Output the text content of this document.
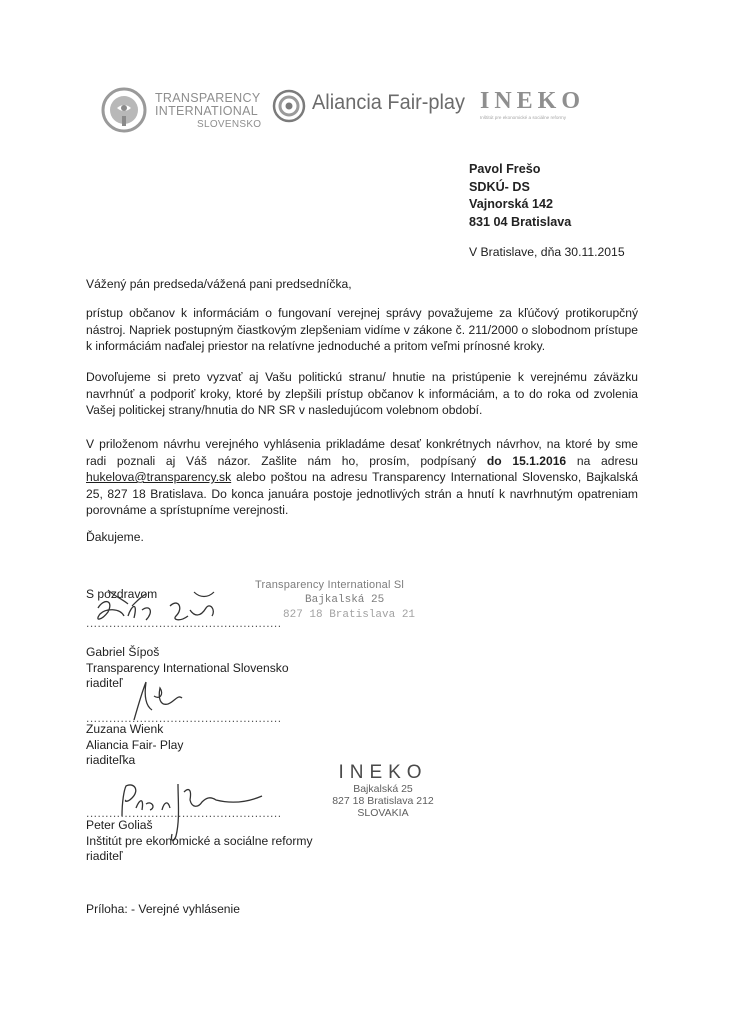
TRANSPARENCY
INTERNATIONAL
SLOVENSKO
Aliancia Fair-play INEKO
Inštitút pre ekonomické a sociálne reformy
Pavol Frešo
SDKÚ- DS
Vajnorská 142
831 04 Bratislava
V Bratislave, dňa 30.11.2015
Vážený pán predseda/vážená pani predsedníčka,
prístup občanov k informáciám o fungovaní verejnej správy považujeme za kľúčový protikorupčný nástroj. Napriek postupným čiastkovým zlepšeniam vidíme v zákone č. 211/2000 o slobodnom prístupe k informáciám naďalej priestor na relatívne jednoduché a pritom veľmi prínosné kroky.
Dovoľujeme si preto vyzvať aj Vašu politickú stranu/ hnutie na pristúpenie k verejnému záväzku navrhnúť a podporiť kroky, ktoré by zlepšili prístup občanov k informáciám, a to do roka od zvolenia Vašej politickej strany/hnutia do NR SR v nasledujúcom volebnom období.
V priloženom návrhu verejného vyhlásenia prikladáme desať konkrétnych návrhov, na ktoré by sme radi poznali aj Váš názor. Zašlite nám ho, prosím, podpísaný do 15.1.2016 na adresu hukelova@transparency.sk alebo poštou na adresu Transparency International Slovensko, Bajkalská 25, 827 18 Bratislava. Do konca januára postoje jednotlivých strán a hnutí k navrhnutým opatreniam porovnáme a sprístupníme verejnosti.
Ďakujeme.
S pozdravom
...................................................
Transparency International Sl
Bajkalská 25
827 18 Bratislava 21
Gabriel Šípoš
Transparency International Slovensko
riaditeľ
...................................................
Zuzana Wienk
Aliancia Fair- Play
riaditeľka
INEKO
Bajkalská 25
827 18 Bratislava 212
SLOVAKIA
...................................................
Peter Goliaš
Inštitút pre ekonomické a sociálne reformy
riaditeľ
Príloha: - Verejné vyhlásenie
